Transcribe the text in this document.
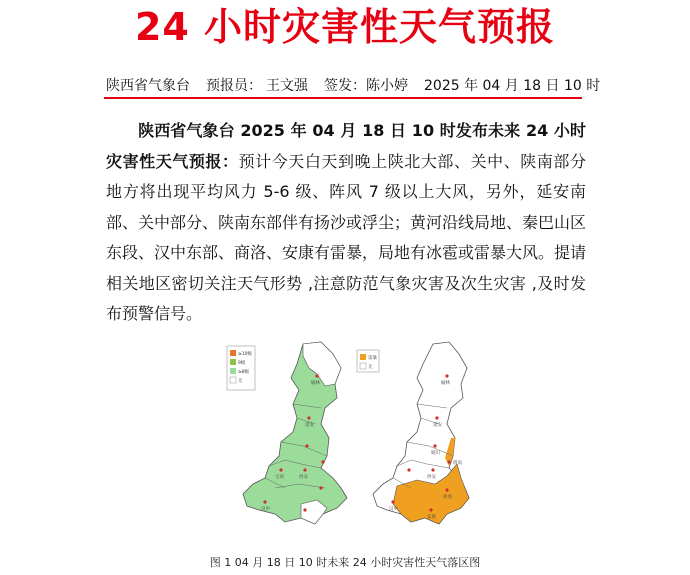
24 小时灾害性天气预报
陕西省气象台 预报员： 王文强 签发：陈小婷 2025 年 04 月 18 日 10 时
陕西省气象台 2025 年 04 月 18 日 10 时发布未来 24 小时灾害性天气预报：预计今天白天到晚上陕北大部、关中、陕南部分地方将出现平均风力 5-6 级、阵风 7 级以上大风，另外，延安南部、关中部分、陕南东部伴有扬沙或浮尘；黄河沿线局地、秦巴山区东段、汉中东部、商洛、安康有雷暴，局地有冰雹或雷暴大风。提请相关地区密切关注天气形势 ,注意防范气象灾害及次生灾害 ,及时发布预警信号。
≥10级
9级
≥8级
无	榆林
延安
宝鸡	西安
汉中
雷暴
无
榆林
延安
铜川
西安
渭南
汉中
安康
商洛
图 1 04 月 18 日 10 时未来 24 小时灾害性天气落区图
